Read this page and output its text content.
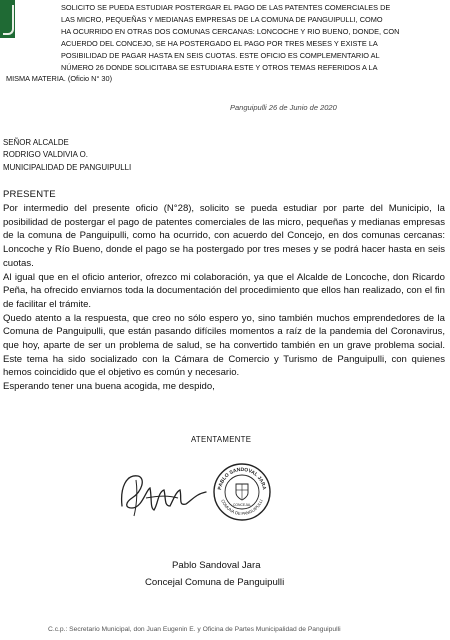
SOLICITO SE PUEDA ESTUDIAR POSTERGAR EL PAGO DE LAS PATENTES COMERCIALES DE
LAS MICRO, PEQUEÑAS Y MEDIANAS EMPRESAS DE LA COMUNA DE PANGUIPULLI, COMO
HA OCURRIDO EN OTRAS DOS COMUNAS CERCANAS: LONCOCHE Y RIO BUENO, DONDE, CON
ACUERDO DEL CONCEJO, SE HA POSTERGADO EL PAGO POR TRES MESES Y EXISTE LA
POSIBILIDAD DE PAGAR HASTA EN SEIS CUOTAS. ESTE OFICIO ES COMPLEMENTARIO AL
NÚMERO 26 DONDE SOLICITABA SE ESTUDIARA ESTE Y OTROS TEMAS REFERIDOS A LA
MISMA MATERIA. (Oficio N° 30)
Panguipulli 26 de Junio de 2020
SEÑOR ALCALDE
RODRIGO VALDIVIA O.
MUNICIPALIDAD DE PANGUIPULLI
PRESENTE

Por intermedio del presente oficio (N°28), solicito se pueda estudiar por parte del Municipio, la posibilidad de postergar el pago de patentes comerciales de las micro, pequeñas y medianas empresas de la comuna de Panguipulli, como ha ocurrido, con acuerdo del Concejo, en dos comunas cercanas: Loncoche y Río Bueno, donde el pago se ha postergado por tres meses y se podrá hacer hasta en seis cuotas.

Al igual que en el oficio anterior, ofrezco mi colaboración, ya que el Alcalde de Loncoche, don Ricardo Peña, ha ofrecido enviarnos toda la documentación del procedimiento que ellos han realizado, con el fin de facilitar el trámite.

Quedo atento a la respuesta, que creo no sólo espero yo, sino también muchos emprendedores de la Comuna de Panguipulli, que están pasando difíciles momentos a raíz de la pandemia del Coronavirus, que hoy, aparte de ser un problema de salud, se ha convertido también en un grave problema social. Este tema ha sido socializado con la Cámara de Comercio y Turismo de Panguipulli, con quienes hemos coincidido que el objetivo es común y necesario.

Esperando tener una buena acogida, me despido,

ATENTAMENTE
PABLO SANDOVAL JARA
COMUNA DE PANGUIPULLI
CONCEJAL
Pablo Sandoval Jara
Concejal Comuna de Panguipulli
C.c.p.: Secretario Municipal, don Juan Eugenin E. y Oficina de Partes Municipalidad de Panguipulli
